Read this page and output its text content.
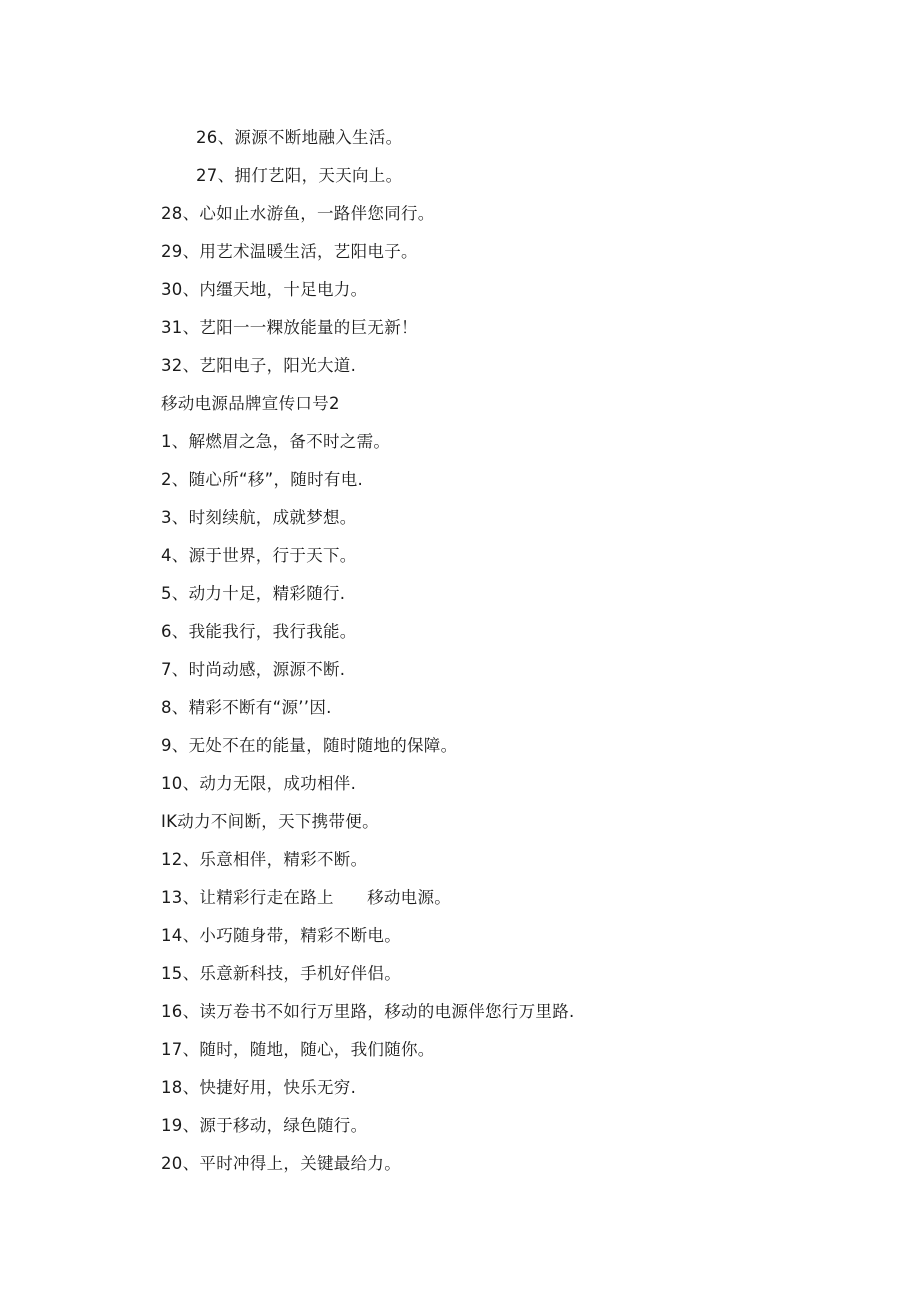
26、源源不断地融入生活。
27、拥仃艺阳，天天向上。
28、心如止水游鱼，一路伴您同行。
29、用艺术温暖生活，艺阳电子。
30、内缰天地，十足电力。
31、艺阳一一粿放能量的巨无新！
32、艺阳电子，阳光大道.
移动电源品牌宣传口号2
1、解燃眉之急，备不时之需。
2、随心所“移”，随时有电.
3、时刻续航，成就梦想。
4、源于世界，行于天下。
5、动力十足，精彩随行.
6、我能我行，我行我能。
7、时尚动感，源源不断.
8、精彩不断有“源’’因.
9、无处不在的能量，随时随地的保障。
10、动力无限，成功相伴.
IK动力不间断，天下携带便。
12、乐意相伴，精彩不断。
13、让精彩行走在路上      移动电源。
14、小巧随身带，精彩不断电。
15、乐意新科技，手机好伴侣。
16、读万卷书不如行万里路，移动的电源伴您行万里路.
17、随时，随地，随心，我们随你。
18、快捷好用，快乐无穷.
19、源于移动，绿色随行。
20、平时冲得上，关键最给力。
